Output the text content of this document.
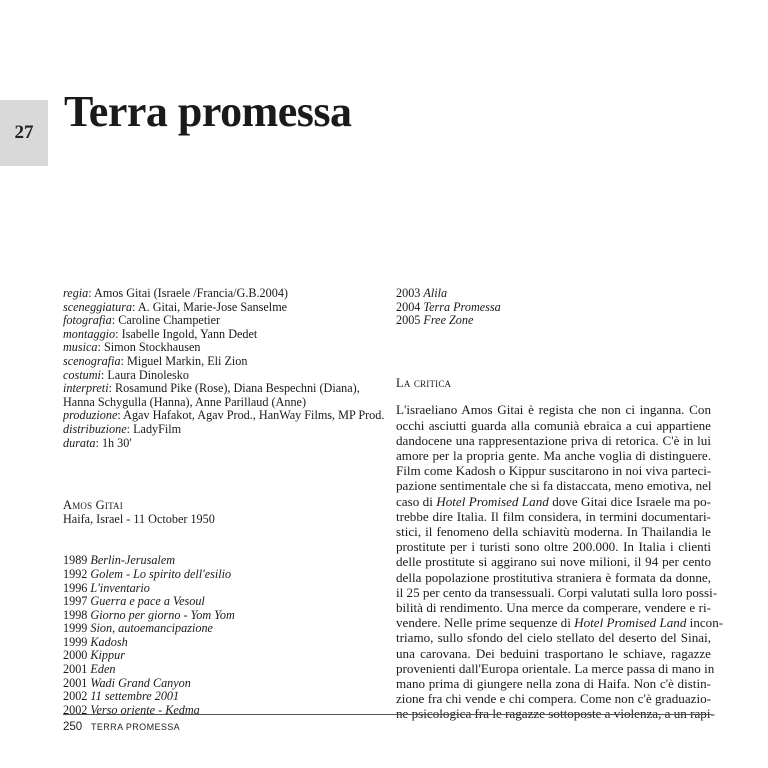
27 Terra promessa
regia: Amos Gitai (Israele /Francia/G.B.2004)
sceneggiatura: A. Gitai, Marie-Jose Sanselme
fotografia: Caroline Champetier
montaggio: Isabelle Ingold, Yann Dedet
musica: Simon Stockhausen
scenografia: Miguel Markin, Eli Zion
costumi: Laura Dinolesko
interpreti: Rosamund Pike (Rose), Diana Bespechni (Diana),
Hanna Schygulla (Hanna), Anne Parillaud (Anne)
produzione: Agav Hafakot, Agav Prod., HanWay Films, MP Prod.
distribuzione: LadyFilm
durata: 1h 30'
Amos Gitai
Haifa, Israel - 11 October 1950
1989 Berlin-Jerusalem
1992 Golem - Lo spirito dell'esilio
1996 L'inventario
1997 Guerra e pace a Vesoul
1998 Giorno per giorno - Yom Yom
1999 Sion, autoemancipazione
1999 Kadosh
2000 Kippur
2001 Eden
2001 Wadi Grand Canyon
2002 11 settembre 2001
2002 Verso oriente - Kedma
2003 Alila
2004 Terra Promessa
2005 Free Zone
La critica
L'israeliano Amos Gitai è regista che non ci inganna. Con
occhi asciutti guarda alla comunià ebraica a cui appartiene
dandocene una rappresentazione priva di retorica. C'è in lui
amore per la propria gente. Ma anche voglia di distinguere.
Film come Kadosh o Kippur suscitarono in noi viva parteci-
pazione sentimentale che si fa distaccata, meno emotiva, nel
caso di Hotel Promised Land dove Gitai dice Israele ma po-
trebbe dire Italia. Il film considera, in termini documentari-
stici, il fenomeno della schiavitù moderna. In Thailandia le
prostitute per i turisti sono oltre 200.000. In Italia i clienti
delle prostitute si aggirano sui nove milioni, il 94 per cento
della popolazione prostitutiva straniera è formata da donne,
il 25 per cento da transessuali. Corpi valutati sulla loro possi-
bilità di rendimento. Una merce da comperare, vendere e ri-
vendere. Nelle prime sequenze di Hotel Promised Land incon-
triamo, sullo sfondo del cielo stellato del deserto del Sinai,
una carovana. Dei beduini trasportano le schiave, ragazze
provenienti dall'Europa orientale. La merce passa di mano in
mano prima di giungere nella zona di Haifa. Non c'è distin-
zione fra chi vende e chi compera. Come non c'è graduazio-
ne psicologica fra le ragazze sottoposte a violenza, a un rapi-
250 TERRA PROMESSA
